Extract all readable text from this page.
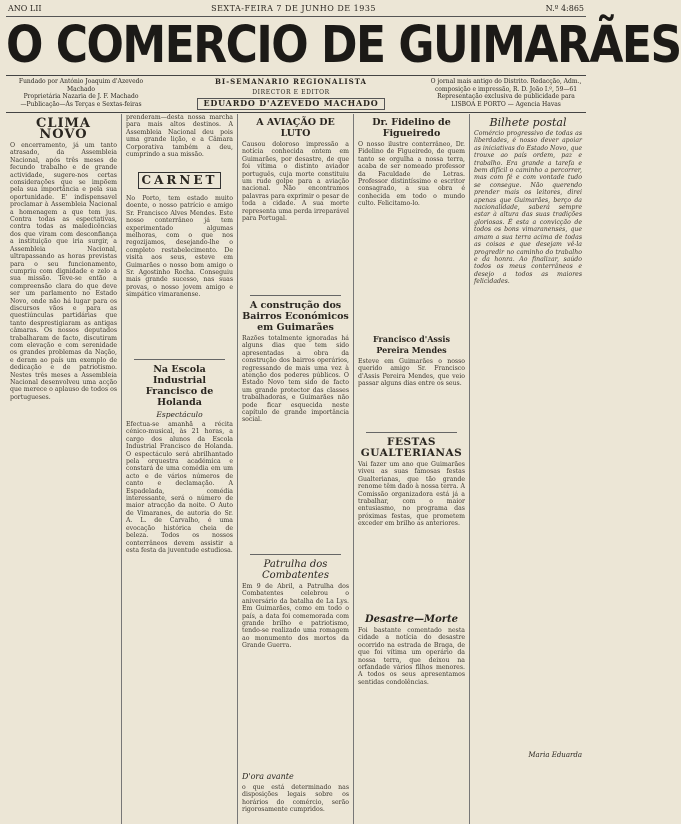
ANO LII	SEXTA-FEIRA 7 DE JUNHO DE 1935	N.º 4:865
O COMERCIO DE GUIMARÃES
Fundado por António Joaquim d'Azevedo Machado
Proprietária Nazaria de J. F. Machado
—Publicação—Ás Terças e Sextas-feiras
BI-SEMANARIO REGIONALISTA
DIRECTOR E EDITOR
EDUARDO D'AZEVEDO MACHADO
O jornal mais antigo do Distrito. Redacção, Adm., composição e impressão, R. D. João I.º, 59—61
Representação exclusiva de publicidade para LISBOA E PORTO — Agencia Havas
CLIMA NOVO
O encerramento, já um tanto atrasado, da Assembleia Nacional, após três meses de fecundo trabalho e de grande actividade, sugere-nos certas considerações que se impõem pela sua importância e pela sua oportunidade. E' indispensavel proclamar à Assembleia Nacional a homenagem a que tem jus. Contra todas as espectativas, contra todas as maledicências dos que viram com desconfiança a instituição que iria surgir, a Assembleia Nacional, ultrapassando as horas previstas para o seu funcionamento, cumpriu com dignidade e zelo a sua missão. Teve-se então a compreensão clara do que deve ser um parlamento no Estado Novo, onde não há lugar para os discursos vãos e para as questiúnculas partidárias que tanto desprestigiaram as antigas câmaras. Os nossos deputados trabalharam de facto, discutiram com elevação e com serenidade os grandes problemas da Nação, e deram ao país um exemplo de dedicação e de patriotismo. Nestes três meses a Assembleia Nacional desenvolveu uma acção que merece o aplauso de todos os portugueses.
prenderam—desta nossa marcha para mais altos destinos. A Assembleia Nacional deu pois uma grande lição, e a Câmara Corporativa também a deu, cumprindo a sua missão.
CARNET
No Porto, tem estado muito doente, o nosso patrício e amigo Sr. Francisco Alves Mendes. Este nosso conterrâneo já tem experimentado algumas melhoras, com o que nos regozijamos, desejando-lhe o completo restabelecimento. De visita aos seus, esteve em Guimarães o nosso bom amigo o Sr. Agostinho Rocha. Conseguiu mais grande sucesso, nas suas provas, o nosso jovem amigo e simpático vimaranense.
Na Escola Industrial Francisco de Holanda
Espectáculo
Efectua-se amanhã a récita cénico-musical, às 21 horas, a cargo dos alunos da Escola Industrial Francisco de Holanda. O espectáculo será abrilhantado pela orquestra académica e constará de uma comédia em um acto e de vários números de canto e declamação. A Espadelada, comédia interessante, será o número de maior atracção da noite. O Auto de Vimaranes, de autoria do Sr. A. L. de Carvalho, é uma evocação histórica cheia de beleza. Todos os nossos conterrâneos devem assistir a esta festa da juventude estudiosa.
A AVIAÇÃO DE LUTO
Causou doloroso impressão a notícia conhecida ontem em Guimarães, por desastre, de que foi vítima o distinto aviador português, cuja morte constituiu um rude golpe para a aviação nacional. Não encontramos palavras para exprimir o pesar de toda a cidade. A sua morte representa uma perda irreparável para Portugal.
A construção dos Bairros Económicos em Guimarães
Razões totalmente ignoradas há alguns dias que tem sido apresentadas a obra da construção dos bairros operários, regressando de mais uma vez à atenção dos poderes públicos. O Estado Novo tem sido de facto um grande protector das classes trabalhadoras, e Guimarães não pode ficar esquecida neste capítulo de grande importância social.
Patrulha dos Combatentes
Em 9 de Abril, a Patrulha dos Combatentes celebrou o aniversário da batalha de La Lys. Em Guimarães, como em todo o país, a data foi comemorada com grande brilho e patriotismo, tendo-se realizado uma romagem ao monumento dos mortos da Grande Guerra.
D'ora avante
o que está determinado nas disposições legais sobre os horários do comércio, serão rigorosamente cumpridos.
Dr. Fidelino de Figueiredo
O nosso ilustre conterrâneo, Dr. Fidelino de Figueiredo, de quem tanto se orgulha a nossa terra, acaba de ser nomeado professor da Faculdade de Letras. Professor distintíssimo e escritor consagrado, a sua obra é conhecida em todo o mundo culto. Felicitamo-lo.
Francisco d'Assis Pereira Mendes
Esteve em Guimarães o nosso querido amigo Sr. Francisco d'Assis Pereira Mendes, que veio passar alguns dias entre os seus.
FESTAS GUALTERIANAS
Vai fazer um ano que Guimarães viveu as suas famosas festas Gualterianas, que tão grande renome têm dado à nossa terra. A Comissão organizadora está já a trabalhar, com o maior entusiasmo, no programa das próximas festas, que prometem exceder em brilho as anteriores.
Desastre—Morte
Foi bastante comentado nesta cidade a notícia do desastre ocorrido na estrada de Braga, de que foi vítima um operário da nossa terra, que deixou na orfandade vários filhos menores. A todos os seus apresentamos sentidas condolências.
Bilhete postal
Comércio progressivo de todas as liberdades, é nosso dever apoiar as iniciativas do Estado Novo, que trouxe ao país ordem, paz e trabalho. Era grande a tarefa e bem difícil o caminho a percorrer, mas com fé e com vontade tudo se consegue. Não querendo prender mais os leitores, direi apenas que Guimarães, berço da nacionalidade, saberá sempre estar à altura das suas tradições gloriosas. É esta a convicção de todos os bons vimaranenses, que amam a sua terra acima de todas as coisas e que desejam vê-la progredir no caminho do trabalho e da honra. Ao finalizar, saúdo todos os meus conterrâneos e desejo a todos as maiores felicidades.
Maria Eduarda
